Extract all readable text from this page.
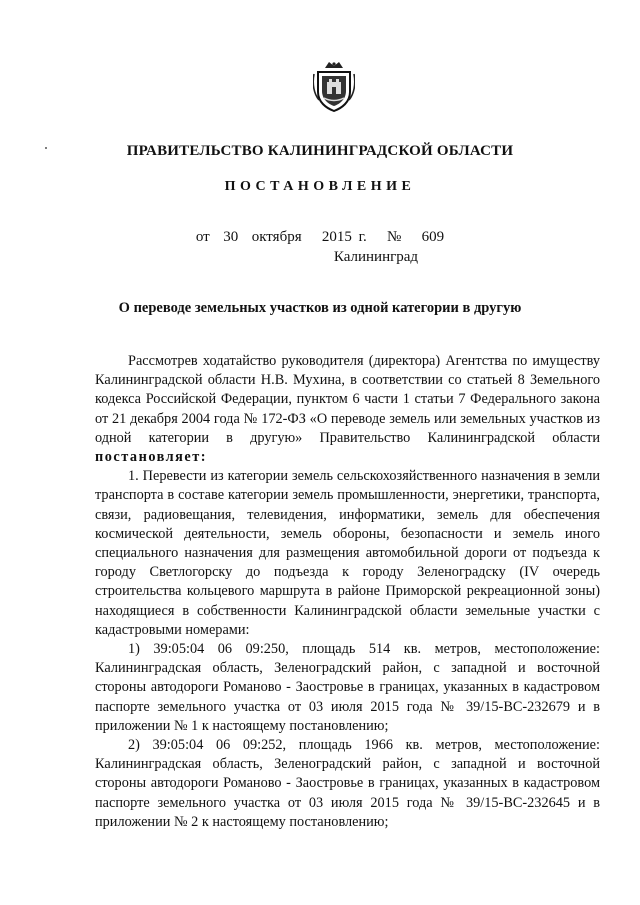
ПРАВИТЕЛЬСТВО КАЛИНИНГРАДСКОЙ ОБЛАСТИ
ПОСТАНОВЛЕНИЕ
от  30  октября   2015 г.   №   609
Калининград
О переводе земельных участков из одной категории в другую

Рассмотрев ходатайство руководителя (директора) Агентства по имуществу Калининградской области Н.В. Мухина, в соответствии со статьей 8 Земельного кодекса Российской Федерации, пунктом 6 части 1 статьи 7 Федерального закона от 21 декабря 2004 года № 172-ФЗ «О переводе земель или земельных участков из одной категории в другую» Правительство Калининградской области постановляет:

1. Перевести из категории земель сельскохозяйственного назначения в земли транспорта в составе категории земель промышленности, энергетики, транспорта, связи, радиовещания, телевидения, информатики, земель для обеспечения космической деятельности, земель обороны, безопасности и земель иного специального назначения для размещения автомобильной дороги от подъезда к городу Светлогорску до подъезда к городу Зеленоградску (IV очередь строительства кольцевого маршрута в районе Приморской рекреационной зоны) находящиеся в собственности Калининградской области земельные участки с кадастровыми номерами:

1) 39:05:04 06 09:250, площадь 514 кв. метров, местоположение: Калининградская область, Зеленоградский район, с западной и восточной стороны автодороги Романово - Заостровье в границах, указанных в кадастровом паспорте земельного участка от 03 июля 2015 года № 39/15-ВС-232679 и в приложении № 1 к настоящему постановлению;

2) 39:05:04 06 09:252, площадь 1966 кв. метров, местоположение: Калининградская область, Зеленоградский район, с западной и восточной стороны автодороги Романово - Заостровье в границах, указанных в кадастровом паспорте земельного участка от 03 июля 2015 года № 39/15-ВС-232645 и в приложении № 2 к настоящему постановлению;
